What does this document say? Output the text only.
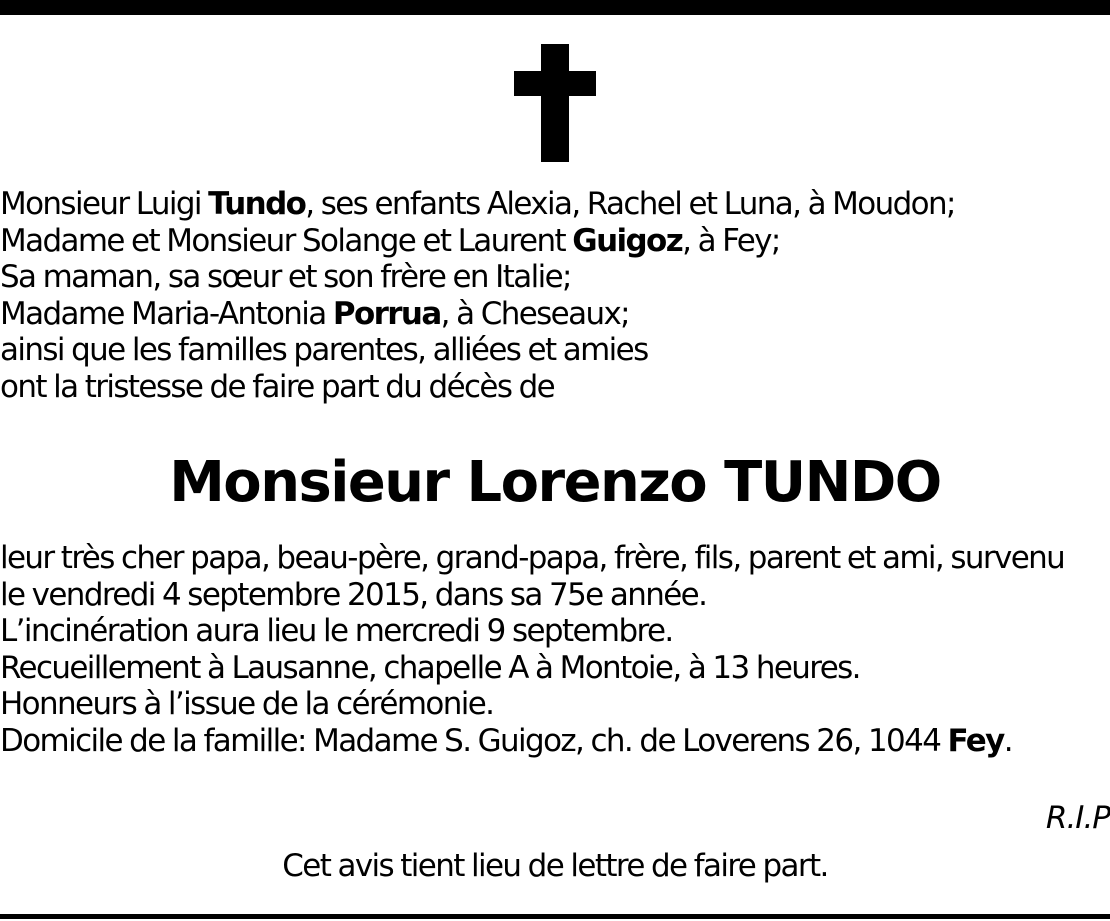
Monsieur Luigi Tundo, ses enfants Alexia, Rachel et Luna, à Moudon;
Madame et Monsieur Solange et Laurent Guigoz, à Fey;
Sa maman, sa sœur et son frère en Italie;
Madame Maria-Antonia Porrua, à Cheseaux;
ainsi que les familles parentes, alliées et amies
ont la tristesse de faire part du décès de
Monsieur Lorenzo TUNDO
leur très cher papa, beau-père, grand-papa, frère, fils, parent et ami, survenu
le vendredi 4 septembre 2015, dans sa 75e année.
L’incinération aura lieu le mercredi 9 septembre.
Recueillement à Lausanne, chapelle A à Montoie, à 13 heures.
Honneurs à l’issue de la cérémonie.
Domicile de la famille: Madame S. Guigoz, ch. de Loverens 26, 1044 Fey.
R.I.P
Cet avis tient lieu de lettre de faire part.
